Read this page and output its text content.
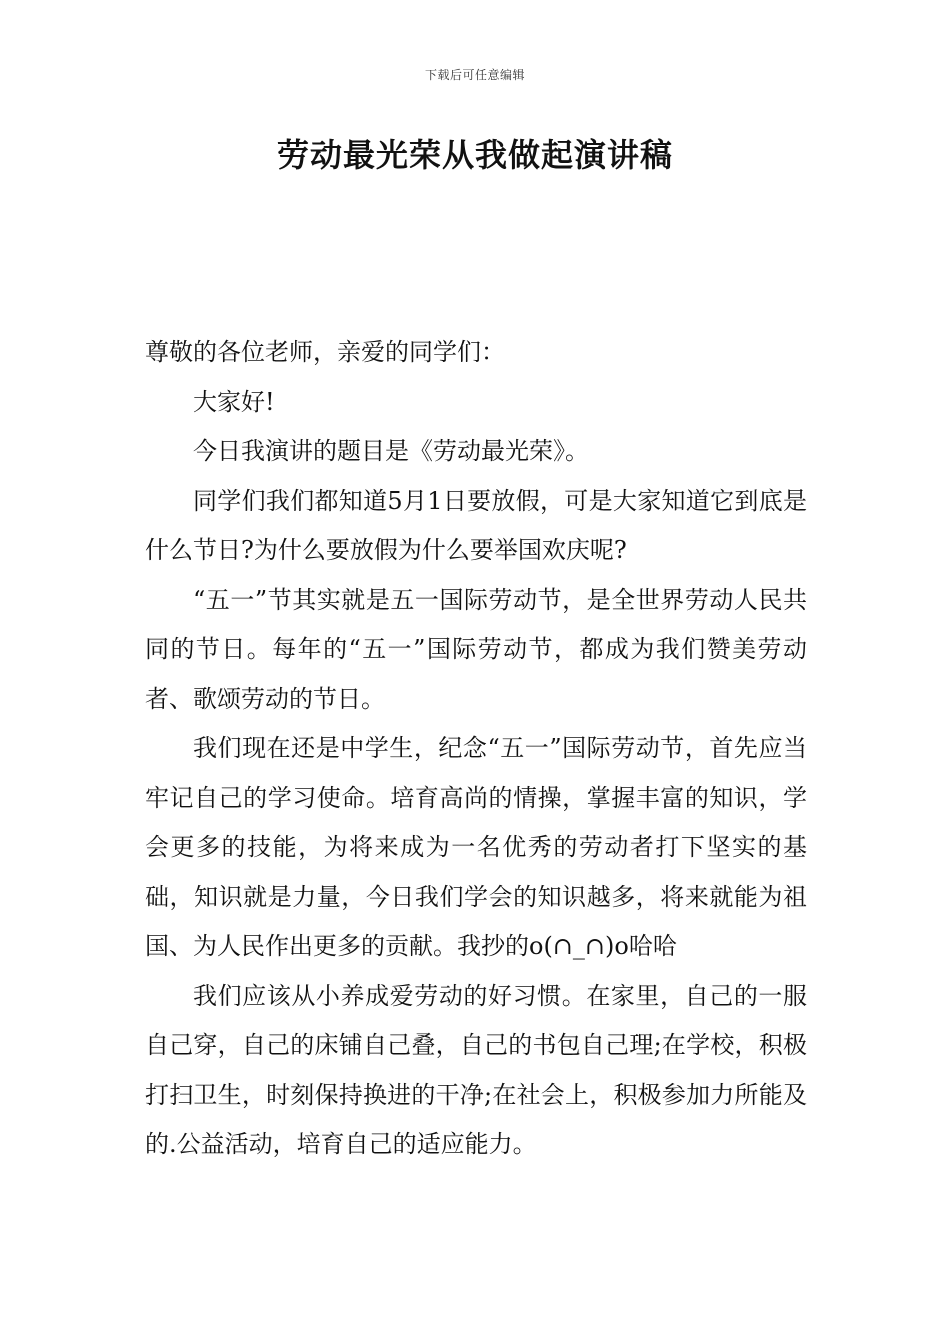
下载后可任意编辑
劳动最光荣从我做起演讲稿

尊敬的各位老师，亲爱的同学们：

大家好!

今日我演讲的题目是《劳动最光荣》。

同学们我们都知道5月1日要放假，可是大家知道它到底是什么节日?为什么要放假为什么要举国欢庆呢?

“五一”节其实就是五一国际劳动节，是全世界劳动人民共同的节日。每年的“五一”国际劳动节，都成为我们赞美劳动者、歌颂劳动的节日。

我们现在还是中学生，纪念“五一”国际劳动节，首先应当牢记自己的学习使命。培育高尚的情操，掌握丰富的知识，学会更多的技能，为将来成为一名优秀的劳动者打下坚实的基础，知识就是力量，今日我们学会的知识越多，将来就能为祖国、为人民作出更多的贡献。我抄的o(∩_∩)o哈哈

我们应该从小养成爱劳动的好习惯。在家里，自己的一服自己穿，自己的床铺自己叠，自己的书包自己理;在学校，积极打扫卫生，时刻保持换进的干净;在社会上，积极参加力所能及的.公益活动，培育自己的适应能力。
